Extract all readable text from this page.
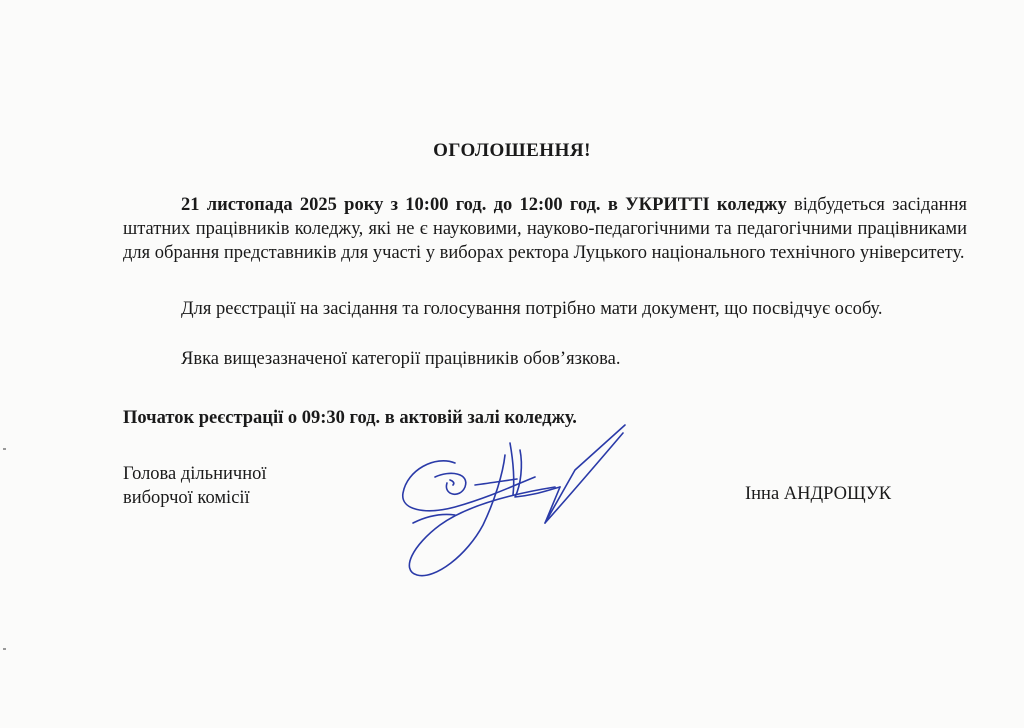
ОГОЛОШЕННЯ!

21 листопада 2025 року з 10:00 год. до 12:00 год. в УКРИТТІ коледжу відбудеться засідання штатних працівників коледжу, які не є науковими, науково-педагогічними та педагогічними працівниками для обрання представників для участі у виборах ректора Луцького національного технічного університету.

Для реєстрації на засідання та голосування потрібно мати документ, що посвідчує особу.

Явка вищезазначеної категорії працівників обов’язкова.

Початок реєстрації о 09:30 год. в актовій залі коледжу.
Голова дільничної
виборчої комісії	Інна АНДРОЩУК
